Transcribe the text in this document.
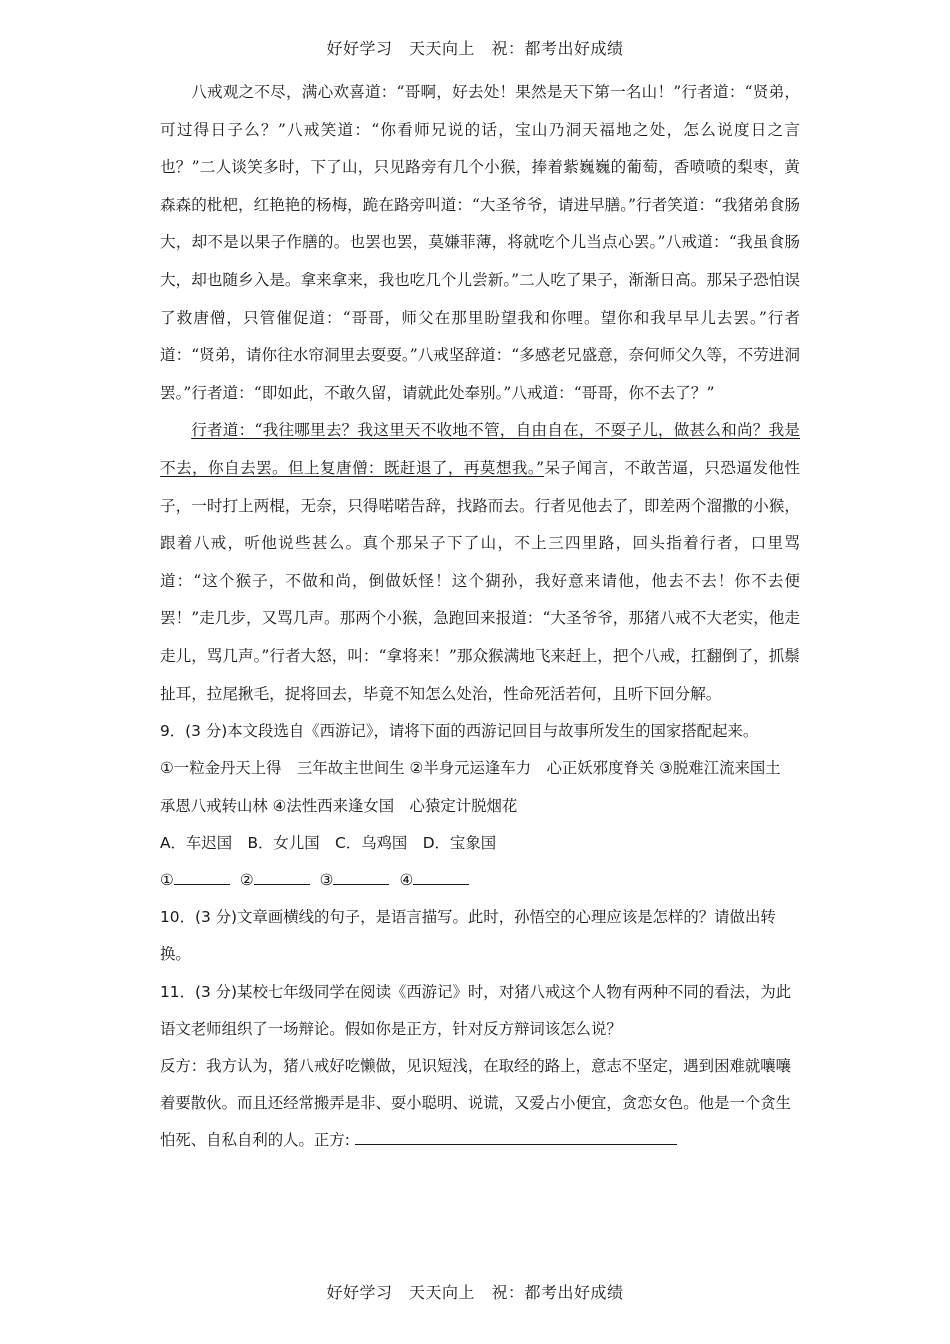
好好学习　天天向上　祝：都考出好成绩

八戒观之不尽，满心欢喜道：“哥啊，好去处！果然是天下第一名山！”行者道：“贤弟，可过得日子么？”八戒笑道：“你看师兄说的话，宝山乃洞天福地之处，怎么说度日之言也？”二人谈笑多时，下了山，只见路旁有几个小猴，捧着紫巍巍的葡萄，香喷喷的梨枣，黄森森的枇杷，红艳艳的杨梅，跪在路旁叫道：“大圣爷爷，请进早膳。”行者笑道：“我猪弟食肠大，却不是以果子作膳的。也罢也罢，莫嫌菲薄，将就吃个儿当点心罢。”八戒道：“我虽食肠大，却也随乡入是。拿来拿来，我也吃几个儿尝新。”二人吃了果子，渐渐日高。那呆子恐怕误了救唐僧，只管催促道：“哥哥，师父在那里盼望我和你哩。望你和我早早儿去罢。”行者道：“贤弟，请你往水帘洞里去耍耍。”八戒坚辞道：“多感老兄盛意，奈何师父久等，不劳进洞罢。”行者道：“即如此，不敢久留，请就此处奉别。”八戒道：“哥哥，你不去了？”

行者道：“我往哪里去？我这里天不收地不管，自由自在，不耍子儿，做甚么和尚？我是不去，你自去罢。但上复唐僧：既赶退了，再莫想我。”呆子闻言，不敢苦逼，只恐逼发他性子，一时打上两棍，无奈，只得喏喏告辞，找路而去。行者见他去了，即差两个溜撒的小猴，跟着八戒，听他说些甚么。真个那呆子下了山，不上三四里路，回头指着行者，口里骂道：“这个猴子，不做和尚，倒做妖怪！这个猢孙，我好意来请他，他去不去！你不去便罢！”走几步，又骂几声。那两个小猴，急跑回来报道：“大圣爷爷，那猪八戒不大老实，他走走儿，骂几声。”行者大怒，叫：“拿将来！”那众猴满地飞来赶上，把个八戒，扛翻倒了，抓鬃扯耳，拉尾揪毛，捉将回去，毕竟不知怎么处治，性命死活若何，且听下回分解。

9．(3 分)本文段选自《西游记》，请将下面的西游记回目与故事所发生的国家搭配起来。

①一粒金丹天上得　三年故主世间生 ②半身元运逢车力　心正妖邪度脊关 ③脱难江流来国土　承恩八戒转山林 ④法性西来逢女国　心猿定计脱烟花

A．车迟国　B．女儿国　C．乌鸡国　D．宝象国

①	②	③	④

10．(3 分)文章画横线的句子，是语言描写。此时，孙悟空的心理应该是怎样的？请做出转换。

11．(3 分)某校七年级同学在阅读《西游记》时，对猪八戒这个人物有两种不同的看法，为此语文老师组织了一场辩论。假如你是正方，针对反方辩词该怎么说？

反方：我方认为，猪八戒好吃懒做，见识短浅，在取经的路上，意志不坚定，遇到困难就嚷嚷着要散伙。而且还经常搬弄是非、耍小聪明、说谎，又爱占小便宜，贪恋女色。他是一个贪生怕死、自私自利的人。正方:

好好学习　天天向上　祝：都考出好成绩
